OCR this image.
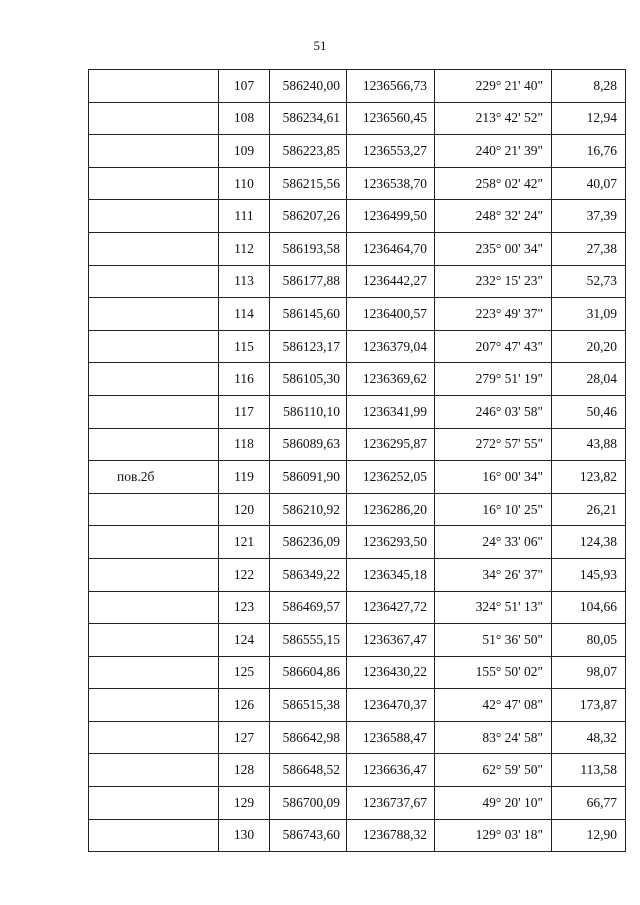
51
	107	586240,00	1236566,73	229° 21' 40"	8,28
	108	586234,61	1236560,45	213° 42' 52"	12,94
	109	586223,85	1236553,27	240° 21' 39"	16,76
	110	586215,56	1236538,70	258° 02' 42"	40,07
	111	586207,26	1236499,50	248° 32' 24"	37,39
	112	586193,58	1236464,70	235° 00' 34"	27,38
	113	586177,88	1236442,27	232° 15' 23"	52,73
	114	586145,60	1236400,57	223° 49' 37"	31,09
	115	586123,17	1236379,04	207° 47' 43"	20,20
	116	586105,30	1236369,62	279° 51' 19"	28,04
	117	586110,10	1236341,99	246° 03' 58"	50,46
	118	586089,63	1236295,87	272° 57' 55"	43,88
пов.2б	119	586091,90	1236252,05	16° 00' 34"	123,82
	120	586210,92	1236286,20	16° 10' 25"	26,21
	121	586236,09	1236293,50	24° 33' 06"	124,38
	122	586349,22	1236345,18	34° 26' 37"	145,93
	123	586469,57	1236427,72	324° 51' 13"	104,66
	124	586555,15	1236367,47	51° 36' 50"	80,05
	125	586604,86	1236430,22	155° 50' 02"	98,07
	126	586515,38	1236470,37	42° 47' 08"	173,87
	127	586642,98	1236588,47	83° 24' 58"	48,32
	128	586648,52	1236636,47	62° 59' 50"	113,58
	129	586700,09	1236737,67	49° 20' 10"	66,77
	130	586743,60	1236788,32	129° 03' 18"	12,90
